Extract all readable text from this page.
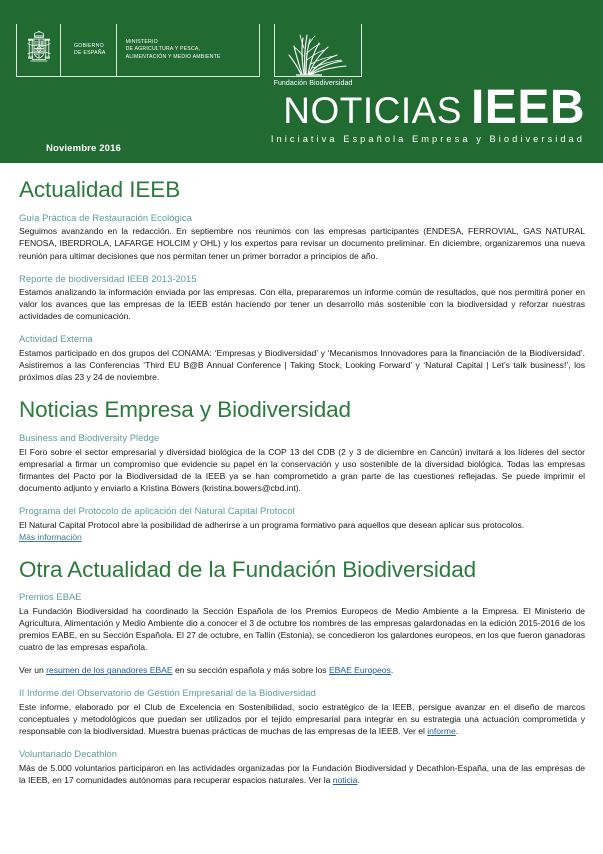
GOBIERNO
DE ESPAÑA
MINISTERIO
DE AGRICULTURA Y PESCA,
ALIMENTACIÓN Y MEDIO AMBIENTE
Fundación Biodiversidad
NOTICIAS IEEB
Iniciativa Española Empresa y Biodiversidad
Noviembre 2016
Actualidad IEEB
Guía Práctica de Restauración Ecológica

Seguimos avanzando en la redacción. En septiembre nos reunimos con las empresas participantes (ENDESA, FERROVIAL, GAS NATURAL FENOSA, IBERDROLA, LAFARGE HOLCIM y OHL) y los expertos para revisar un documento preliminar. En diciembre, organizaremos una nueva reunión para ultimar decisiones que nos permitan tener un primer borrador a principios de año.

Reporte de biodiversidad IEEB 2013-2015

Estamos analizando la información enviada por las empresas. Con ella, prepararemos un informe común de resultados, que nos permitirá poner en valor los avances que las empresas de la IEEB están haciendo por tener un desarrollo más sostenible con la biodiversidad y reforzar nuestras actividades de comunicación.

Actividad Externa

Estamos participado en dos grupos del CONAMA: ‘Empresas y Biodiversidad’ y ‘Mecanismos Innovadores para la financiación de la Biodiversidad’. Asistiremos a las Conferencias ‘Third EU B@B Annual Conference | Taking Stock, Looking Forward’ y ‘Natural Capital | Let’s talk business!’, los próximos días 23 y 24 de noviembre.

Noticias Empresa y Biodiversidad
Business and Biodiversity Pledge

El Foro sobre el sector empresarial y diversidad biológica de la COP 13 del CDB (2 y 3 de diciembre en Cancún) invitará a los líderes del sector empresarial a firmar un compromiso que evidencie su papel en la conservación y uso sostenible de la diversidad biológica. Todas las empresas firmantes del Pacto por la Biodiversidad de la IEEB ya se han comprometido a gran parte de las cuestiones reflejadas. Se puede imprimir el documento adjunto y enviarlo a Kristina Bowers (kristina.bowers@cbd.int).

Programa del Protocolo de aplicación del Natural Capital Protocol

El Natural Capital Protocol abre la posibilidad de adherirse a un programa formativo para aquellos que desean aplicar sus protocolos.
Más información

Otra Actualidad de la Fundación Biodiversidad
Premios EBAE

La Fundación Biodiversidad ha coordinado la Sección Española de los Premios Europeos de Medio Ambiente a la Empresa. El Ministerio de Agricultura, Alimentación y Medio Ambiente dio a conocer el 3 de octubre los nombres de las empresas galardonadas en la edición 2015-2016 de los premios EABE, en su Sección Española. El 27 de octubre, en Tallín (Estonia), se concedieron los galardones europeos, en los que fueron ganadoras cuatro de las empresas española.

Ver un resumen de los ganadores EBAE en su sección española y más sobre los EBAE Europeos.

II Informe del Observatorio de Gestión Empresarial de la Biodiversidad

Este informe, elaborado por el Club de Excelencia en Sostenibilidad, socio estratégico de la IEEB, persigue avanzar en el diseño de marcos conceptuales y metodológicos que puedan ser utilizados por el tejido empresarial para integrar en su estrategia una actuación comprometida y responsable con la biodiversidad. Muestra buenas prácticas de muchas de las empresas de la IEEB. Ver el informe.

Voluntariado Decathlon

Más de 5.000 voluntarios participaron en las actividades organizadas por la Fundación Biodiversidad y Decathlon-España, una de las empresas de la IEEB, en 17 comunidades autónomas para recuperar espacios naturales. Ver la noticia.
